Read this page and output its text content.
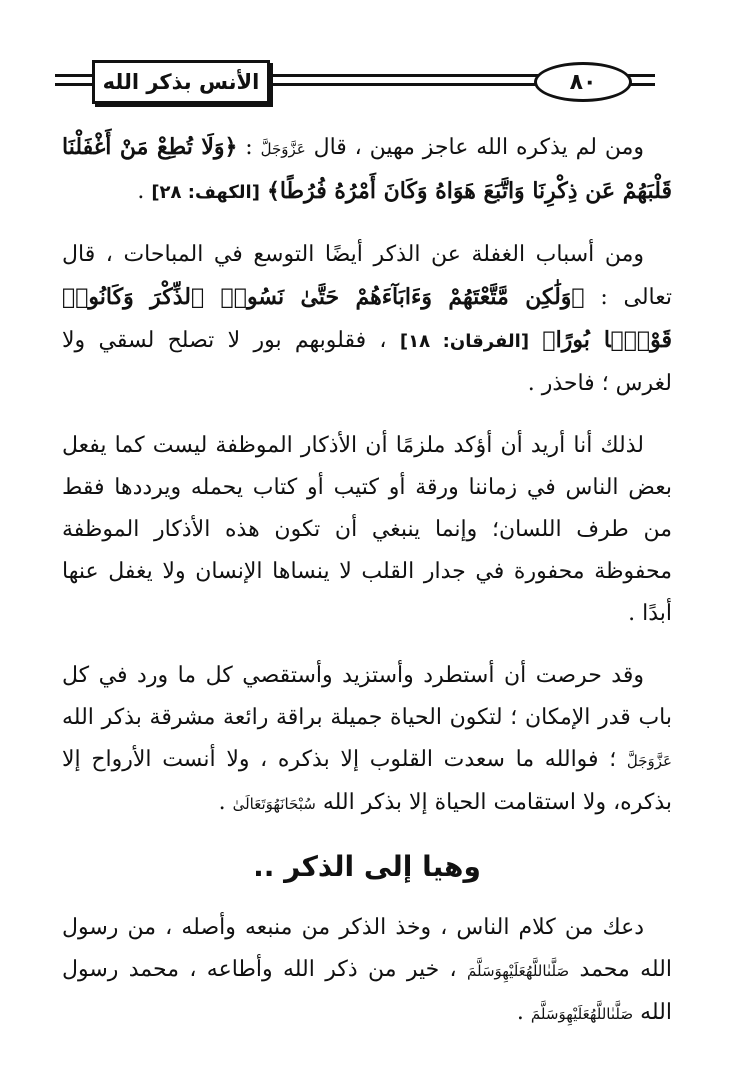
الأنس بذكر الله	٨٠

ومن لم يذكره الله عاجز مهين ، قال عَزَّوَجَلَّ : ﴿وَلَا تُطِعْ مَنْ أَغْفَلْنَا قَلْبَهُمْ عَن ذِكْرِنَا وَاتَّبَعَ هَوَاهُ وَكَانَ أَمْرُهُ فُرُطًا﴾ [الكهف: ٢٨] .

ومن أسباب الغفلة عن الذكر أيضًا التوسع في المباحات ، قال تعالى : ﴿وَلَٰكِن مَّتَّعْتَهُمْ وَءَابَآءَهُمْ حَتَّىٰ نَسُوا۟ ٱلذِّكْرَ وَكَانُوا۟ قَوْمًۢا بُورًا﴾ [الفرقان: ١٨] ، فقلوبهم بور لا تصلح لسقي ولا لغرس ؛ فاحذر .

لذلك أنا أريد أن أؤكد ملزمًا أن الأذكار الموظفة ليست كما يفعل بعض الناس في زماننا ورقة أو كتيب أو كتاب يحمله ويرددها فقط من طرف اللسان؛ وإنما ينبغي أن تكون هذه الأذكار الموظفة محفوظة محفورة في جدار القلب لا ينساها الإنسان ولا يغفل عنها أبدًا .

وقد حرصت أن أستطرد وأستزيد وأستقصي كل ما ورد في كل باب قدر الإمكان ؛ لتكون الحياة جميلة براقة رائعة مشرقة بذكر الله عَزَّوَجَلَّ ؛ فوالله ما سعدت القلوب إلا بذكره ، ولا أنست الأرواح إلا بذكره، ولا استقامت الحياة إلا بذكر الله سُبْحَانَهُوَتَعَالَىٰ .

وهيا إلى الذكر ..

دعك من كلام الناس ، وخذ الذكر من منبعه وأصله ، من رسول الله محمد صَلَّىٰاللَّهُعَلَيْهِوَسَلَّمَ ، خير من ذكر الله وأطاعه ، محمد رسول الله صَلَّىٰاللَّهُعَلَيْهِوَسَلَّمَ .
